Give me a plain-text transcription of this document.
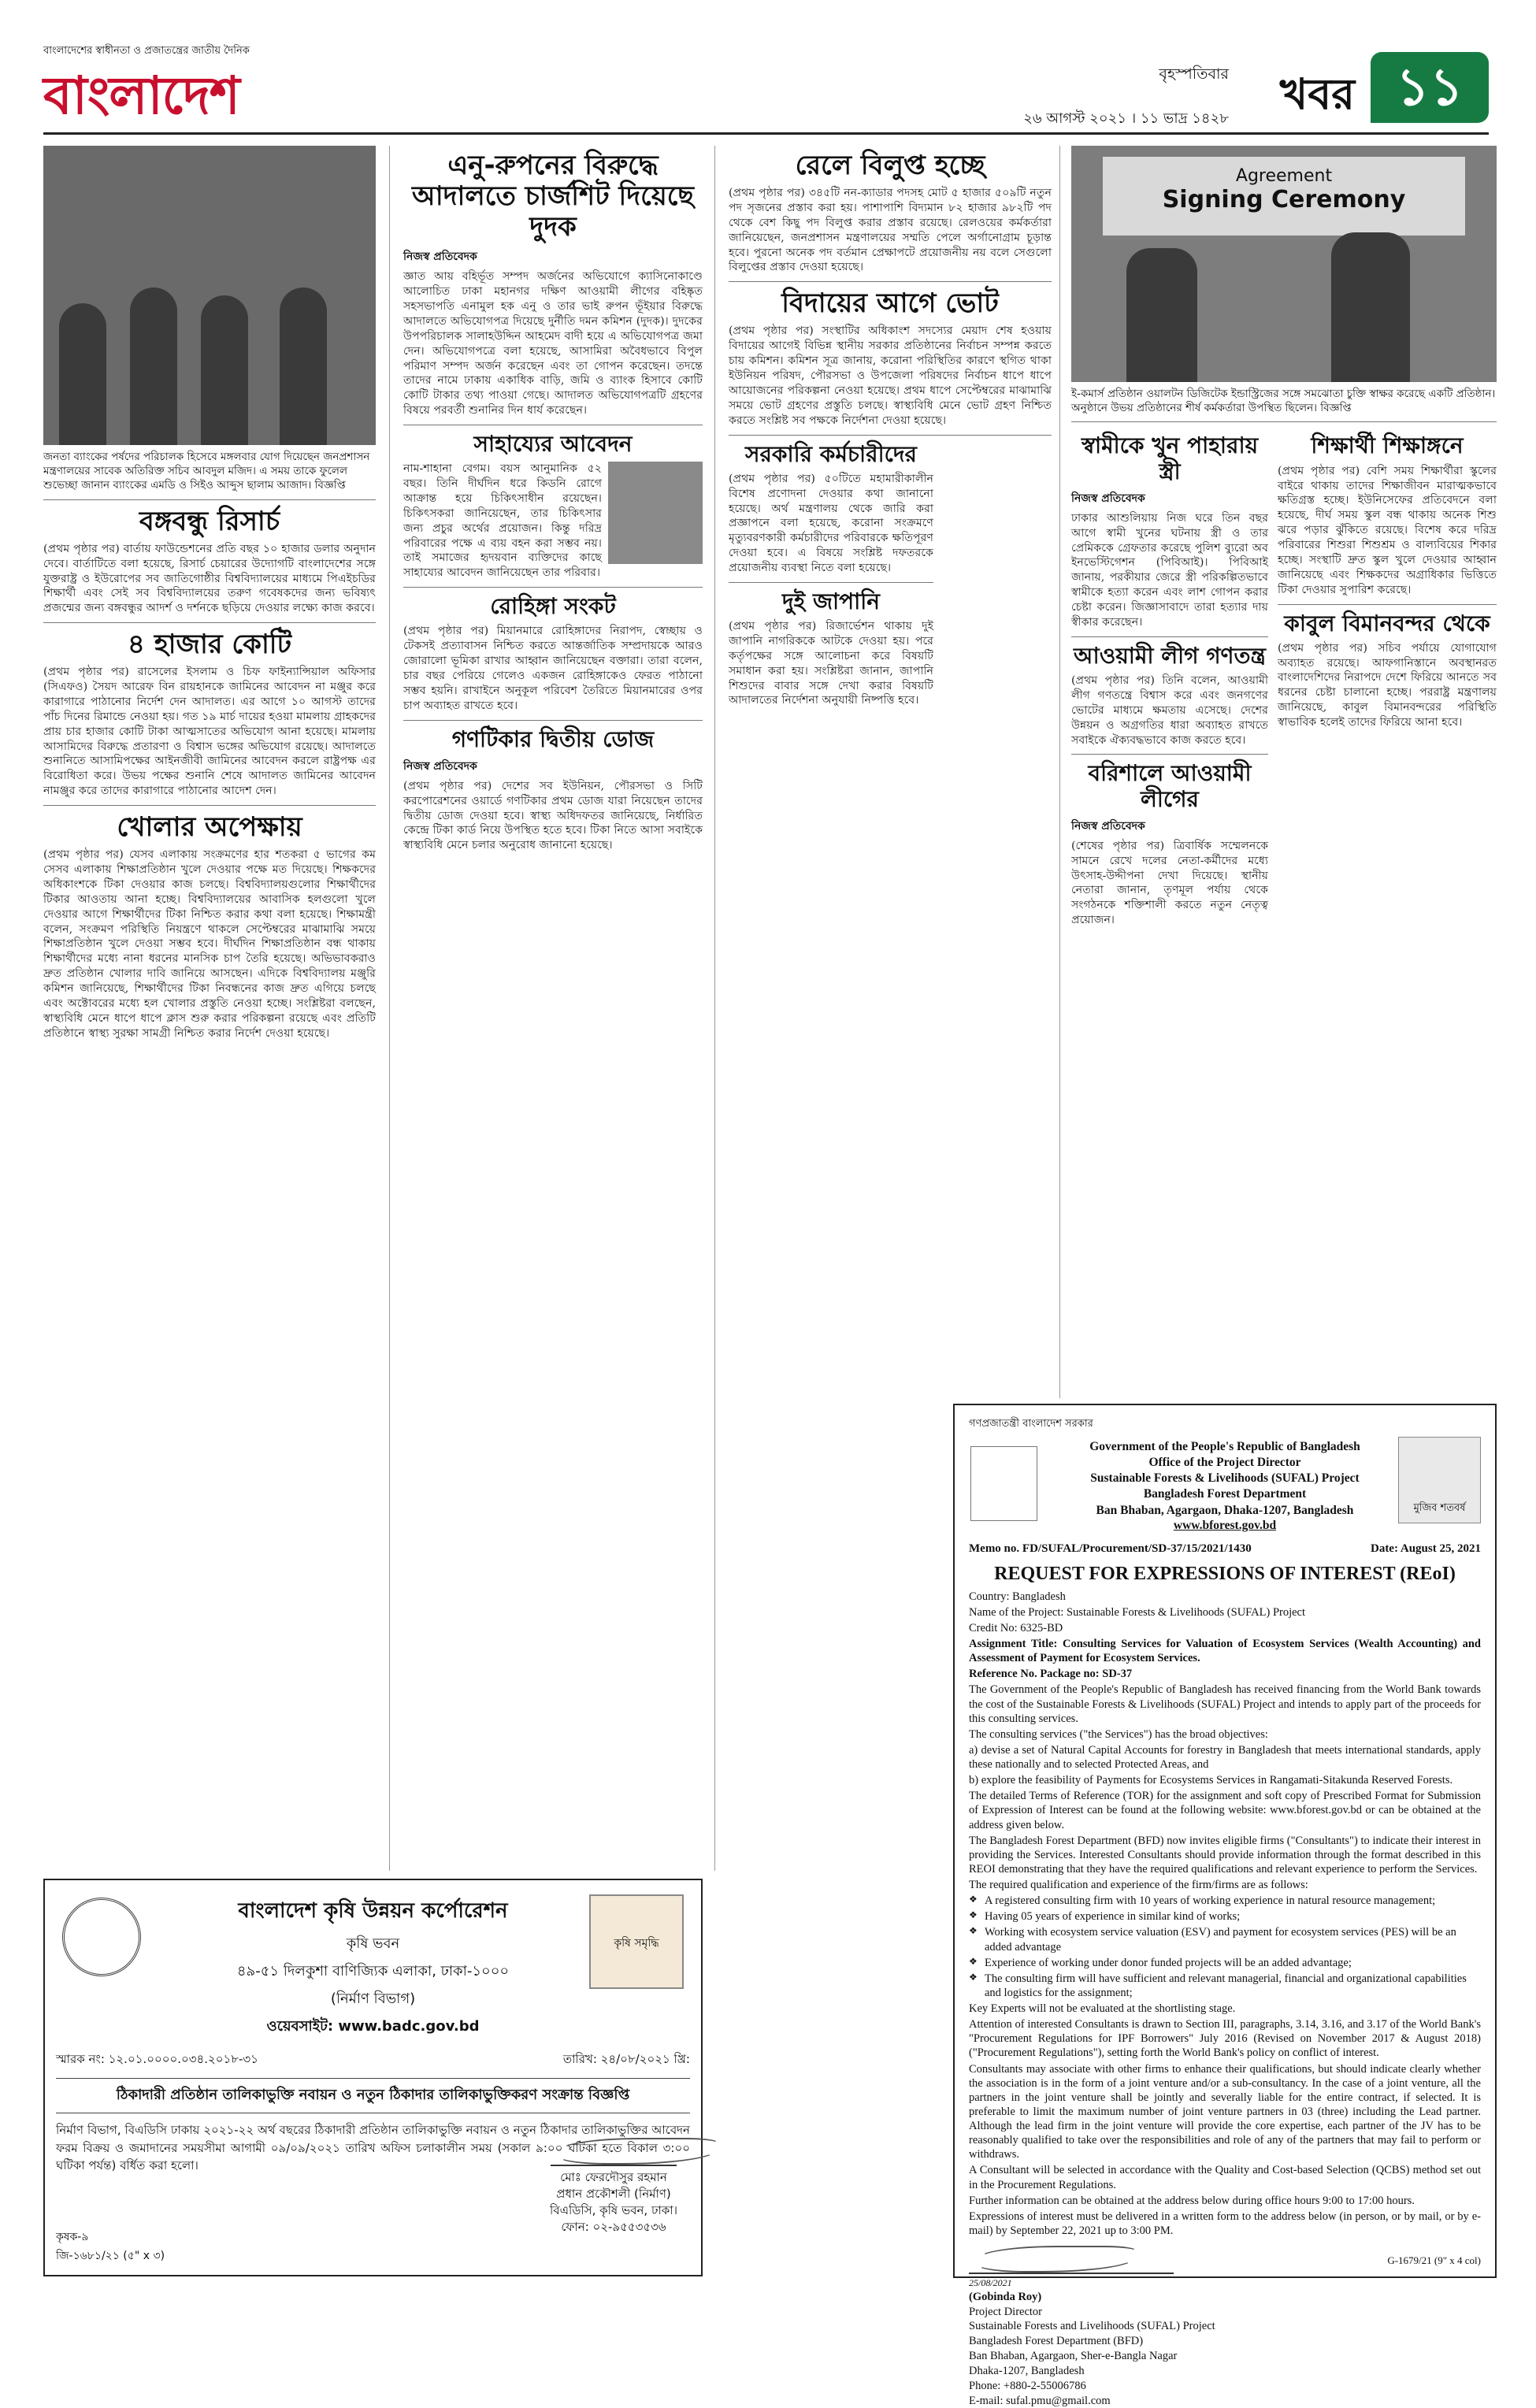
বাংলাদেশের স্বাধীনতা ও প্রজাতন্ত্রের জাতীয় দৈনিক
বাংলাদেশ	বৃহস্পতিবার
২৬ আগস্ট ২০২১ । ১১ ভাদ্র ১৪২৮ খবর ১১
জনতা ব্যাংকের পর্ষদের পরিচালক হিসেবে মঙ্গলবার যোগ দিয়েছেন জনপ্রশাসন মন্ত্রণালয়ের সাবেক অতিরিক্ত সচিব আবদুল মজিদ। এ সময় তাকে ফুলেল শুভেচ্ছা জানান ব্যাংকের এমডি ও সিইও আব্দুস ছালাম আজাদ। বিজ্ঞপ্তি
বঙ্গবন্ধু রিসার্চ

(প্রথম পৃষ্ঠার পর) বার্তায় ফাউন্ডেশনের প্রতি বছর ১০ হাজার ডলার অনুদান দেবে। বার্তাটিতে বলা হয়েছে, রিসার্চ চেয়ারের উদ্যোগটি বাংলাদেশের সঙ্গে যুক্তরাষ্ট্র ও ইউরোপের সব জাতিগোষ্ঠীর বিশ্ববিদ্যালয়ের মাধ্যমে পিএইচডির শিক্ষার্থী এবং সেই সব বিশ্ববিদ্যালয়ের তরুণ গবেষকদের জন্য ভবিষ্যৎ প্রজন্মের জন্য বঙ্গবন্ধুর আদর্শ ও দর্শনকে ছড়িয়ে দেওয়ার লক্ষ্যে কাজ করবে।

৪ হাজার কোটি

(প্রথম পৃষ্ঠার পর) রাসেলের ইসলাম ও চিফ ফাইন্যান্সিয়াল অফিসার (সিএফও) সৈয়দ আরেফ বিন রায়হানকে জামিনের আবেদন না মঞ্জুর করে কারাগারে পাঠানোর নির্দেশ দেন আদালত। এর আগে ১০ আগস্ট তাদের পাঁচ দিনের রিমান্ডে নেওয়া হয়। গত ১৯ মার্চ দায়ের হওয়া মামলায় গ্রাহকদের প্রায় চার হাজার কোটি টাকা আত্মসাতের অভিযোগ আনা হয়েছে। মামলায় আসামিদের বিরুদ্ধে প্রতারণা ও বিশ্বাস ভঙ্গের অভিযোগ রয়েছে। আদালতে শুনানিতে আসামিপক্ষের আইনজীবী জামিনের আবেদন করলে রাষ্ট্রপক্ষ এর বিরোধিতা করে। উভয় পক্ষের শুনানি শেষে আদালত জামিনের আবেদন নামঞ্জুর করে তাদের কারাগারে পাঠানোর আদেশ দেন।

খোলার অপেক্ষায়

(প্রথম পৃষ্ঠার পর) যেসব এলাকায় সংক্রমণের হার শতকরা ৫ ভাগের কম সেসব এলাকায় শিক্ষাপ্রতিষ্ঠান খুলে দেওয়ার পক্ষে মত দিয়েছে। শিক্ষকদের অধিকাংশকে টিকা দেওয়ার কাজ চলছে। বিশ্ববিদ্যালয়গুলোর শিক্ষার্থীদের টিকার আওতায় আনা হচ্ছে। বিশ্ববিদ্যালয়ের আবাসিক হলগুলো খুলে দেওয়ার আগে শিক্ষার্থীদের টিকা নিশ্চিত করার কথা বলা হয়েছে। শিক্ষামন্ত্রী বলেন, সংক্রমণ পরিস্থিতি নিয়ন্ত্রণে থাকলে সেপ্টেম্বরের মাঝামাঝি সময়ে শিক্ষাপ্রতিষ্ঠান খুলে দেওয়া সম্ভব হবে। দীর্ঘদিন শিক্ষাপ্রতিষ্ঠান বন্ধ থাকায় শিক্ষার্থীদের মধ্যে নানা ধরনের মানসিক চাপ তৈরি হয়েছে। অভিভাবকরাও দ্রুত প্রতিষ্ঠান খোলার দাবি জানিয়ে আসছেন। এদিকে বিশ্ববিদ্যালয় মঞ্জুরি কমিশন জানিয়েছে, শিক্ষার্থীদের টিকা নিবন্ধনের কাজ দ্রুত এগিয়ে চলছে এবং অক্টোবরের মধ্যে হল খোলার প্রস্তুতি নেওয়া হচ্ছে। সংশ্লিষ্টরা বলছেন, স্বাস্থ্যবিধি মেনে ধাপে ধাপে ক্লাস শুরু করার পরিকল্পনা রয়েছে এবং প্রতিটি প্রতিষ্ঠানে স্বাস্থ্য সুরক্ষা সামগ্রী নিশ্চিত করার নির্দেশ দেওয়া হয়েছে।

এনু-রুপনের বিরুদ্ধে আদালতে চার্জশিট দিয়েছে দুদক
নিজস্ব প্রতিবেদক

জ্ঞাত আয় বহির্ভূত সম্পদ অর্জনের অভিযোগে ক্যাসিনোকাণ্ডে আলোচিত ঢাকা মহানগর দক্ষিণ আওয়ামী লীগের বহিষ্কৃত সহসভাপতি এনামুল হক এনু ও তার ভাই রুপন ভূঁইয়ার বিরুদ্ধে আদালতে অভিযোগপত্র দিয়েছে দুর্নীতি দমন কমিশন (দুদক)। দুদকের উপপরিচালক সালাহউদ্দিন আহমেদ বাদী হয়ে এ অভিযোগপত্র জমা দেন। অভিযোগপত্রে বলা হয়েছে, আসামিরা অবৈধভাবে বিপুল পরিমাণ সম্পদ অর্জন করেছেন এবং তা গোপন করেছেন। তদন্তে তাদের নামে ঢাকায় একাধিক বাড়ি, জমি ও ব্যাংক হিসাবে কোটি কোটি টাকার তথ্য পাওয়া গেছে। আদালত অভিযোগপত্রটি গ্রহণের বিষয়ে পরবর্তী শুনানির দিন ধার্য করেছেন।

সাহায্যের আবেদন

নাম-শাহানা বেগম। বয়স আনুমানিক ৫২ বছর। তিনি দীর্ঘদিন ধরে কিডনি রোগে আক্রান্ত হয়ে চিকিৎসাধীন রয়েছেন। চিকিৎসকরা জানিয়েছেন, তার চিকিৎসার জন্য প্রচুর অর্থের প্রয়োজন। কিন্তু দরিদ্র পরিবারের পক্ষে এ ব্যয় বহন করা সম্ভব নয়। তাই সমাজের হৃদয়বান ব্যক্তিদের কাছে সাহায্যের আবেদন জানিয়েছেন তার পরিবার।

রোহিঙ্গা সংকট

(প্রথম পৃষ্ঠার পর) মিয়ানমারে রোহিঙ্গাদের নিরাপদ, স্বেচ্ছায় ও টেকসই প্রত্যাবাসন নিশ্চিত করতে আন্তর্জাতিক সম্প্রদায়কে আরও জোরালো ভূমিকা রাখার আহ্বান জানিয়েছেন বক্তারা। তারা বলেন, চার বছর পেরিয়ে গেলেও একজন রোহিঙ্গাকেও ফেরত পাঠানো সম্ভব হয়নি। রাখাইনে অনুকূল পরিবেশ তৈরিতে মিয়ানমারের ওপর চাপ অব্যাহত রাখতে হবে।

গণটিকার দ্বিতীয় ডোজ
নিজস্ব প্রতিবেদক

(প্রথম পৃষ্ঠার পর) দেশের সব ইউনিয়ন, পৌরসভা ও সিটি করপোরেশনের ওয়ার্ডে গণটিকার প্রথম ডোজ যারা নিয়েছেন তাদের দ্বিতীয় ডোজ দেওয়া হবে। স্বাস্থ্য অধিদফতর জানিয়েছে, নির্ধারিত কেন্দ্রে টিকা কার্ড নিয়ে উপস্থিত হতে হবে। টিকা নিতে আসা সবাইকে স্বাস্থ্যবিধি মেনে চলার অনুরোধ জানানো হয়েছে।

রেলে বিলুপ্ত হচ্ছে

(প্রথম পৃষ্ঠার পর) ৩৪৫টি নন-ক্যাডার পদসহ মোট ৫ হাজার ৫০৯টি নতুন পদ সৃজনের প্রস্তাব করা হয়। পাশাপাশি বিদ্যমান ৮২ হাজার ৯৮২টি পদ থেকে বেশ কিছু পদ বিলুপ্ত করার প্রস্তাব রয়েছে। রেলওয়ের কর্মকর্তারা জানিয়েছেন, জনপ্রশাসন মন্ত্রণালয়ের সম্মতি পেলে অর্গানোগ্রাম চূড়ান্ত হবে। পুরনো অনেক পদ বর্তমান প্রেক্ষাপটে প্রয়োজনীয় নয় বলে সেগুলো বিলুপ্তের প্রস্তাব দেওয়া হয়েছে।

বিদায়ের আগে ভোট

(প্রথম পৃষ্ঠার পর) সংস্থাটির অধিকাংশ সদস্যের মেয়াদ শেষ হওয়ায় বিদায়ের আগেই বিভিন্ন স্থানীয় সরকার প্রতিষ্ঠানের নির্বাচন সম্পন্ন করতে চায় কমিশন। কমিশন সূত্র জানায়, করোনা পরিস্থিতির কারণে স্থগিত থাকা ইউনিয়ন পরিষদ, পৌরসভা ও উপজেলা পরিষদের নির্বাচন ধাপে ধাপে আয়োজনের পরিকল্পনা নেওয়া হয়েছে। প্রথম ধাপে সেপ্টেম্বরের মাঝামাঝি সময়ে ভোট গ্রহণের প্রস্তুতি চলছে। স্বাস্থ্যবিধি মেনে ভোট গ্রহণ নিশ্চিত করতে সংশ্লিষ্ট সব পক্ষকে নির্দেশনা দেওয়া হয়েছে।

সরকারি কর্মচারীদের

(প্রথম পৃষ্ঠার পর) ৫০টিতে মহামারীকালীন বিশেষ প্রণোদনা দেওয়ার কথা জানানো হয়েছে। অর্থ মন্ত্রণালয় থেকে জারি করা প্রজ্ঞাপনে বলা হয়েছে, করোনা সংক্রমণে মৃত্যুবরণকারী কর্মচারীদের পরিবারকে ক্ষতিপূরণ দেওয়া হবে। এ বিষয়ে সংশ্লিষ্ট দফতরকে প্রয়োজনীয় ব্যবস্থা নিতে বলা হয়েছে।

দুই জাপানি

(প্রথম পৃষ্ঠার পর) রিজার্ভেশন থাকায় দুই জাপানি নাগরিককে আটকে দেওয়া হয়। পরে কর্তৃপক্ষের সঙ্গে আলোচনা করে বিষয়টি সমাধান করা হয়। সংশ্লিষ্টরা জানান, জাপানি শিশুদের বাবার সঙ্গে দেখা করার বিষয়টি আদালতের নির্দেশনা অনুযায়ী নিষ্পত্তি হবে।

Agreement
Signing Ceremony
ই-কমার্স প্রতিষ্ঠান ওয়ালটন ডিজিটেক ইন্ডাস্ট্রিজের সঙ্গে সমঝোতা চুক্তি স্বাক্ষর করেছে একটি প্রতিষ্ঠান। অনুষ্ঠানে উভয় প্রতিষ্ঠানের শীর্ষ কর্মকর্তারা উপস্থিত ছিলেন। বিজ্ঞপ্তি
স্বামীকে খুন পাহারায় স্ত্রী
নিজস্ব প্রতিবেদক

ঢাকার আশুলিয়ায় নিজ ঘরে তিন বছর আগে স্বামী খুনের ঘটনায় স্ত্রী ও তার প্রেমিককে গ্রেফতার করেছে পুলিশ ব্যুরো অব ইনভেস্টিগেশন (পিবিআই)। পিবিআই জানায়, পরকীয়ার জেরে স্ত্রী পরিকল্পিতভাবে স্বামীকে হত্যা করেন এবং লাশ গোপন করার চেষ্টা করেন। জিজ্ঞাসাবাদে তারা হত্যার দায় স্বীকার করেছেন।

আওয়ামী লীগ গণতন্ত্র

(প্রথম পৃষ্ঠার পর) তিনি বলেন, আওয়ামী লীগ গণতন্ত্রে বিশ্বাস করে এবং জনগণের ভোটের মাধ্যমে ক্ষমতায় এসেছে। দেশের উন্নয়ন ও অগ্রগতির ধারা অব্যাহত রাখতে সবাইকে ঐক্যবদ্ধভাবে কাজ করতে হবে।

বরিশালে আওয়ামী লীগের
নিজস্ব প্রতিবেদক

(শেষের পৃষ্ঠার পর) ত্রিবার্ষিক সম্মেলনকে সামনে রেখে দলের নেতা-কর্মীদের মধ্যে উৎসাহ-উদ্দীপনা দেখা দিয়েছে। স্থানীয় নেতারা জানান, তৃণমূল পর্যায় থেকে সংগঠনকে শক্তিশালী করতে নতুন নেতৃত্ব প্রয়োজন।

শিক্ষার্থী শিক্ষাঙ্গনে

(প্রথম পৃষ্ঠার পর) বেশি সময় শিক্ষার্থীরা স্কুলের বাইরে থাকায় তাদের শিক্ষাজীবন মারাত্মকভাবে ক্ষতিগ্রস্ত হচ্ছে। ইউনিসেফের প্রতিবেদনে বলা হয়েছে, দীর্ঘ সময় স্কুল বন্ধ থাকায় অনেক শিশু ঝরে পড়ার ঝুঁকিতে রয়েছে। বিশেষ করে দরিদ্র পরিবারের শিশুরা শিশুশ্রম ও বাল্যবিয়ের শিকার হচ্ছে। সংস্থাটি দ্রুত স্কুল খুলে দেওয়ার আহ্বান জানিয়েছে এবং শিক্ষকদের অগ্রাধিকার ভিত্তিতে টিকা দেওয়ার সুপারিশ করেছে।

কাবুল বিমানবন্দর থেকে

(প্রথম পৃষ্ঠার পর) সচিব পর্যায়ে যোগাযোগ অব্যাহত রয়েছে। আফগানিস্তানে অবস্থানরত বাংলাদেশিদের নিরাপদে দেশে ফিরিয়ে আনতে সব ধরনের চেষ্টা চালানো হচ্ছে। পররাষ্ট্র মন্ত্রণালয় জানিয়েছে, কাবুল বিমানবন্দরের পরিস্থিতি স্বাভাবিক হলেই তাদের ফিরিয়ে আনা হবে।

কৃষি সমৃদ্ধি
বাংলাদেশ কৃষি উন্নয়ন কর্পোরেশন
কৃষি ভবন
৪৯-৫১ দিলকুশা বাণিজ্যিক এলাকা, ঢাকা-১০০০
(নির্মাণ বিভাগ)
ওয়েবসাইট: www.badc.gov.bd
স্মারক নং: ১২.০১.০০০০.০৩৪.২০১৮-৩১	তারিখ: ২৪/০৮/২০২১ খ্রি:
ঠিকাদারী প্রতিষ্ঠান তালিকাভুক্তি নবায়ন ও নতুন ঠিকাদার তালিকাভুক্তিকরণ সংক্রান্ত বিজ্ঞপ্তি
নির্মাণ বিভাগ, বিএডিসি ঢাকায় ২০২১-২২ অর্থ বছরের ঠিকাদারী প্রতিষ্ঠান তালিকাভুক্তি নবায়ন ও নতুন ঠিকাদার তালিকাভুক্তির আবেদন ফরম বিক্রয় ও জমাদানের সময়সীমা আগামী ০৯/০৯/২০২১ তারিখ অফিস চলাকালীন সময় (সকাল ৯:০০ ঘটিকা হতে বিকাল ৩:০০ ঘটিকা পর্যন্ত) বর্ধিত করা হলো।
মোঃ ফেরদৌসুর রহমান
প্রধান প্রকৌশলী (নির্মাণ)
বিএডিসি, কৃষি ভবন, ঢাকা।
ফোন: ০২-৯৫৫৩৫৩৬
কৃষক-৯
জি-১৬৮১/২১ (৫" x ৩)
গণপ্রজাতন্ত্রী বাংলাদেশ সরকার
মুজিব শতবর্ষ
Government of the People's Republic of Bangladesh
Office of the Project Director
Sustainable Forests & Livelihoods (SUFAL) Project
Bangladesh Forest Department
Ban Bhaban, Agargaon, Dhaka-1207, Bangladesh
www.bforest.gov.bd
Memo no. FD/SUFAL/Procurement/SD-37/15/2021/1430	Date: August 25, 2021
REQUEST FOR EXPRESSIONS OF INTEREST (REoI)

Country: Bangladesh

Name of the Project: Sustainable Forests & Livelihoods (SUFAL) Project

Credit No: 6325-BD

Assignment Title: Consulting Services for Valuation of Ecosystem Services (Wealth Accounting) and Assessment of Payment for Ecosystem Services.

Reference No. Package no: SD-37

The Government of the People's Republic of Bangladesh has received financing from the World Bank towards the cost of the Sustainable Forests & Livelihoods (SUFAL) Project and intends to apply part of the proceeds for this consulting services.

The consulting services ("the Services") has the broad objectives:

a) devise a set of Natural Capital Accounts for forestry in Bangladesh that meets international standards, apply these nationally and to selected Protected Areas, and

b) explore the feasibility of Payments for Ecosystems Services in Rangamati-Sitakunda Reserved Forests.

The detailed Terms of Reference (TOR) for the assignment and soft copy of Prescribed Format for Submission of Expression of Interest can be found at the following website: www.bforest.gov.bd or can be obtained at the address given below.

The Bangladesh Forest Department (BFD) now invites eligible firms ("Consultants") to indicate their interest in providing the Services. Interested Consultants should provide information through the format described in this REOI demonstrating that they have the required qualifications and relevant experience to perform the Services.

The required qualification and experience of the firm/firms are as follows:

❖ A registered consulting firm with 10 years of working experience in natural resource management;
❖ Having 05 years of experience in similar kind of works;
❖ Working with ecosystem service valuation (ESV) and payment for ecosystem services (PES) will be an added advantage
❖ Experience of working under donor funded projects will be an added advantage;
❖ The consulting firm will have sufficient and relevant managerial, financial and organizational capabilities and logistics for the assignment;

Key Experts will not be evaluated at the shortlisting stage.

Attention of interested Consultants is drawn to Section III, paragraphs, 3.14, 3.16, and 3.17 of the World Bank's "Procurement Regulations for IPF Borrowers" July 2016 (Revised on November 2017 & August 2018) ("Procurement Regulations"), setting forth the World Bank's policy on conflict of interest.

Consultants may associate with other firms to enhance their qualifications, but should indicate clearly whether the association is in the form of a joint venture and/or a sub-consultancy. In the case of a joint venture, all the partners in the joint venture shall be jointly and severally liable for the entire contract, if selected. It is preferable to limit the maximum number of joint venture partners in 03 (three) including the Lead partner. Although the lead firm in the joint venture will provide the core expertise, each partner of the JV has to be reasonably qualified to take over the responsibilities and role of any of the partners that may fail to perform or withdraws.

A Consultant will be selected in accordance with the Quality and Cost-based Selection (QCBS) method set out in the Procurement Regulations.

Further information can be obtained at the address below during office hours 9:00 to 17:00 hours.

Expressions of interest must be delivered in a written form to the address below (in person, or by mail, or by e-mail) by September 22, 2021 up to 3:00 PM.

25/08/2021
(Gobinda Roy)
Project Director
Sustainable Forests and Livelihoods (SUFAL) Project
Bangladesh Forest Department (BFD)
Ban Bhaban, Agargaon, Sher-e-Bangla Nagar
Dhaka-1207, Bangladesh
Phone: +880-2-55006786
E-mail: sufal.pmu@gmail.com
G-1679/21 (9" x 4 col)
